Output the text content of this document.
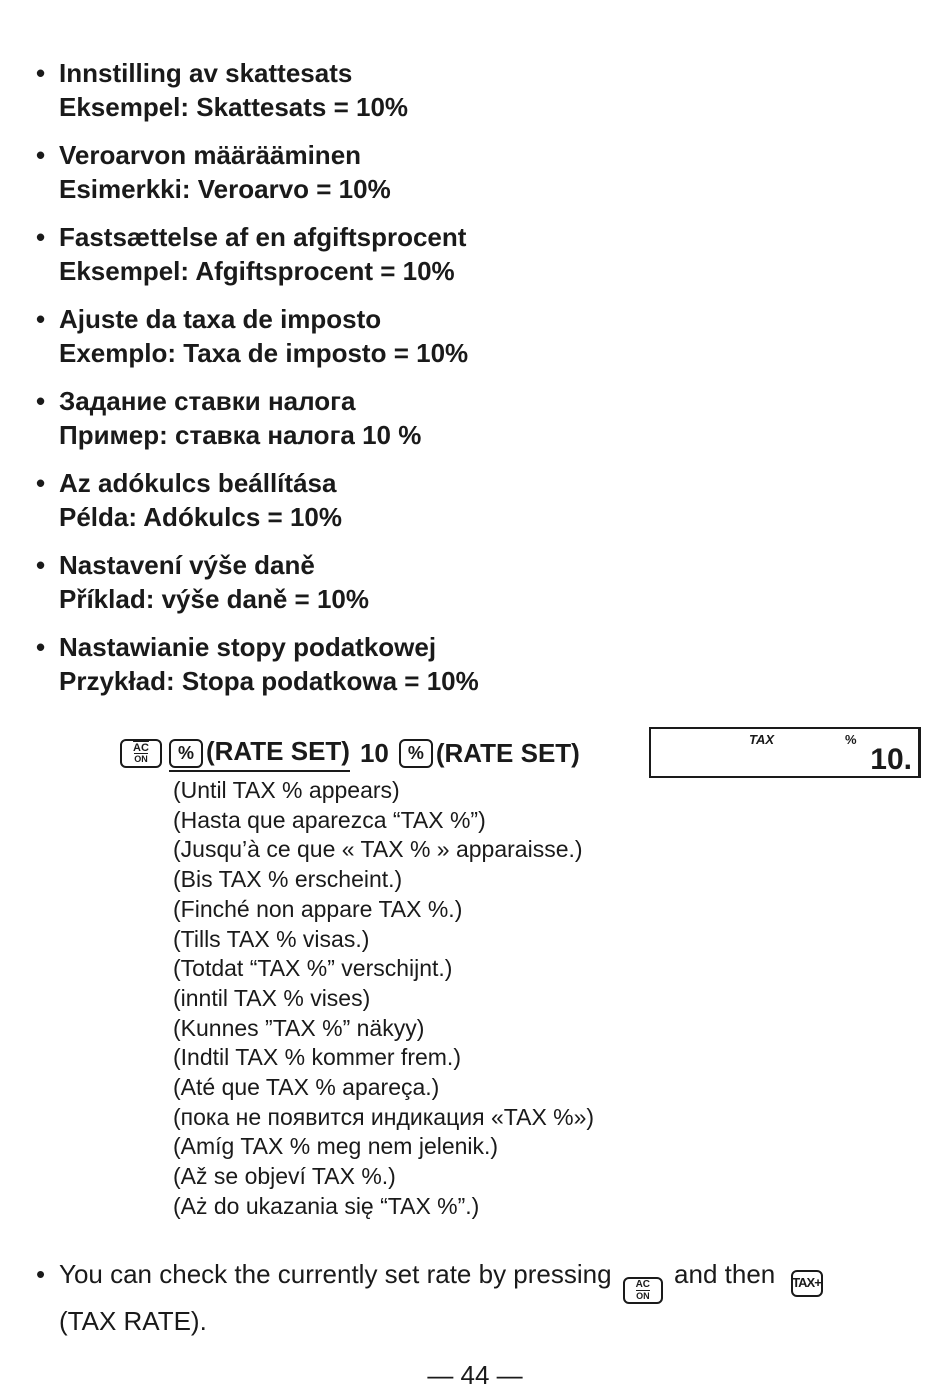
• Innstilling av skattesats
Eksempel: Skattesats = 10%
• Veroarvon määrääminen
Esimerkki: Veroarvo = 10%
• Fastsættelse af en afgiftsprocent
Eksempel: Afgiftsprocent = 10%
• Ajuste da taxa de imposto
Exemplo: Taxa de imposto = 10%
• Задание ставки налога
Пример: ставка налога 10 %
• Az adókulcs beállítása
Példa: Adókulcs = 10%
• Nastavení výše daně
Příklad: výše daně = 10%
• Nastawianie stopy podatkowej
Przykład: Stopa podatkowa = 10%
$\overline{AC}$
ON	% (RATE SET) 10	% (RATE SET)	TAX	%
10.
(Until TAX % appears)
(Hasta que aparezca “TAX %”)
(Jusqu’à ce que « TAX % » apparaisse.)
(Bis TAX % erscheint.)
(Finché non appare TAX %.)
(Tills TAX % visas.)
(Totdat “TAX %” verschijnt.)
(inntil TAX % vises)
(Kunnes ”TAX %” näkyy)
(Indtil TAX % kommer frem.)
(Até que TAX % apareça.)
(пока не появится индикация «TAX %»)
(Amíg TAX % meg nem jelenik.)
(Až se objeví TAX %.)
(Aż do ukazania się “TAX %”.)
• You can check the currently set rate by pressing
$\frac{AC}{ON}$
and then TAX+
(TAX RATE).
— 44 —
